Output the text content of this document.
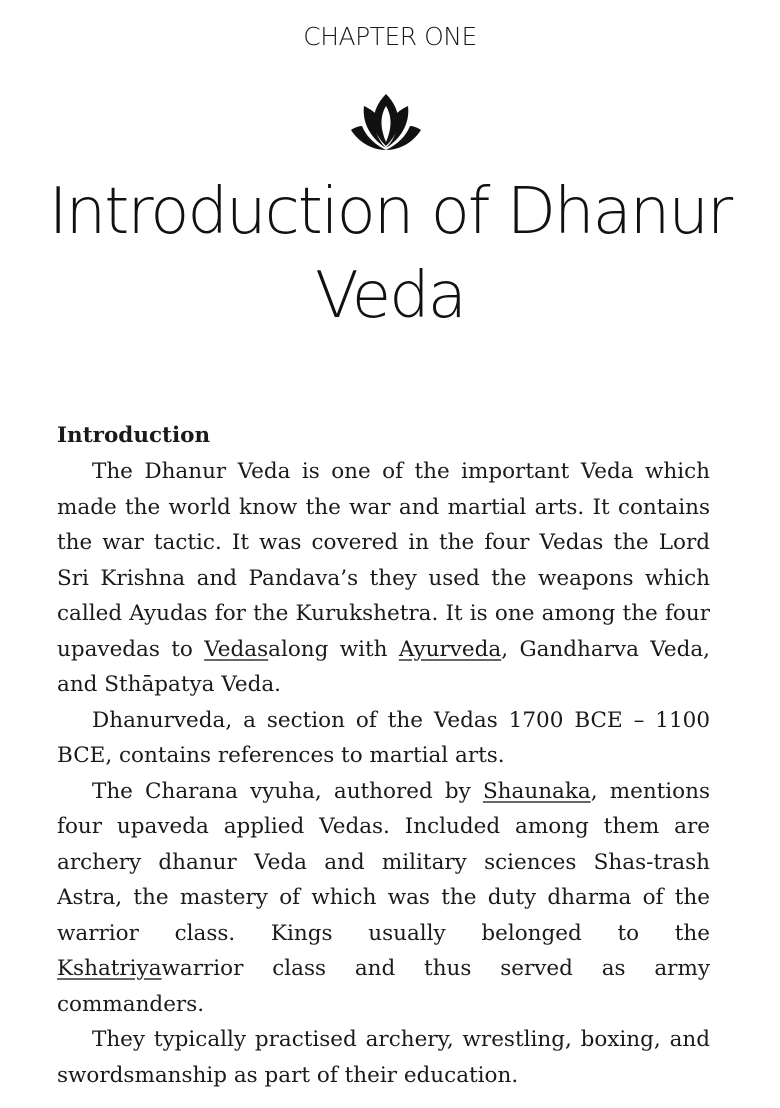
CHAPTER ONE
Introduction of Dhanur
Veda
Introduction
The Dhanur Veda is one of the important Veda which
made the world know the war and martial arts. It contains
the war tactic. It was covered in the four Vedas the Lord
Sri Krishna and Pandava’s they used the weapons which
called Ayudas for the Kurukshetra. It is one among the four
upavedas to Vedasalong with Ayurveda, Gandharva Veda,
and Sthāpatya Veda.
Dhanurveda, a section of the Vedas 1700 BCE – 1100
BCE, contains references to martial arts.
The Charana vyuha, authored by Shaunaka, mentions
four upaveda applied Vedas. Included among them are
archery dhanur Veda and military sciences Shas-trash
Astra, the mastery of which was the duty dharma of the
warrior class. Kings usually belonged to the
Kshatriyawarrior class and thus served as army
commanders.
They typically practised archery, wrestling, boxing, and
swordsmanship as part of their education.
